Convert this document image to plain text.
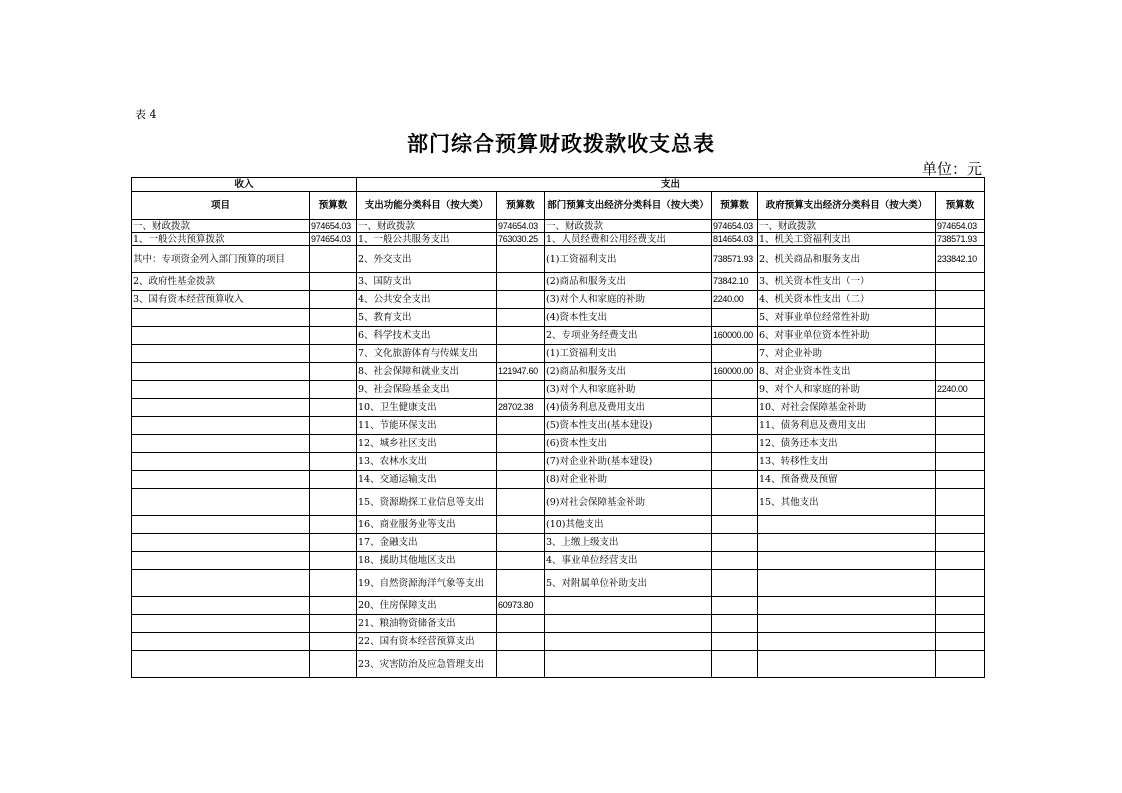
表 4
部门综合预算财政拨款收支总表
单位：元
收入		支出					
项目	预算数	支出功能分类科目（按大类）	预算数	部门预算支出经济分类科目（按大类）	预算数	政府预算支出经济分类科目（按大类）	预算数
一、财政拨款	974654.03	一、财政拨款	974654.03	一、财政拨款	974654.03	一、财政拨款	974654.03
1、一般公共预算拨款	974654.03	1、一般公共服务支出	763030.25	1、人员经费和公用经费支出	814654.03	1、机关工资福利支出	738571.93
其中：专项资金列入部门预算的项目		2、外交支出		(1)工资福利支出	738571.93	2、机关商品和服务支出	233842.10
2、政府性基金拨款		3、国防支出		(2)商品和服务支出	73842.10	3、机关资本性支出（一）	
3、国有资本经营预算收入		4、公共安全支出		(3)对个人和家庭的补助	2240.00	4、机关资本性支出（二）	
		5、教育支出		(4)资本性支出		5、对事业单位经常性补助	
		6、科学技术支出		2、专项业务经费支出	160000.00	6、对事业单位资本性补助	
		7、文化旅游体育与传媒支出		(1)工资福利支出		7、对企业补助	
		8、社会保障和就业支出	121947.60	(2)商品和服务支出	160000.00	8、对企业资本性支出	
		9、社会保险基金支出		(3)对个人和家庭补助		9、对个人和家庭的补助	2240.00
		10、卫生健康支出	28702.38	(4)债务利息及费用支出		10、对社会保障基金补助	
		11、节能环保支出		(5)资本性支出(基本建设)		11、债务利息及费用支出	
		12、城乡社区支出		(6)资本性支出		12、债务还本支出	
		13、农林水支出		(7)对企业补助(基本建设)		13、转移性支出	
		14、交通运输支出		(8)对企业补助		14、预备费及预留	
		15、资源勘探工业信息等支出		(9)对社会保障基金补助		15、其他支出	
		16、商业服务业等支出		(10)其他支出			
		17、金融支出		3、上缴上级支出			
		18、援助其他地区支出		4、事业单位经营支出			
		19、自然资源海洋气象等支出		5、对附属单位补助支出			
		20、住房保障支出	60973.80				
		21、粮油物资储备支出					
		22、国有资本经营预算支出					
		23、灾害防治及应急管理支出					
